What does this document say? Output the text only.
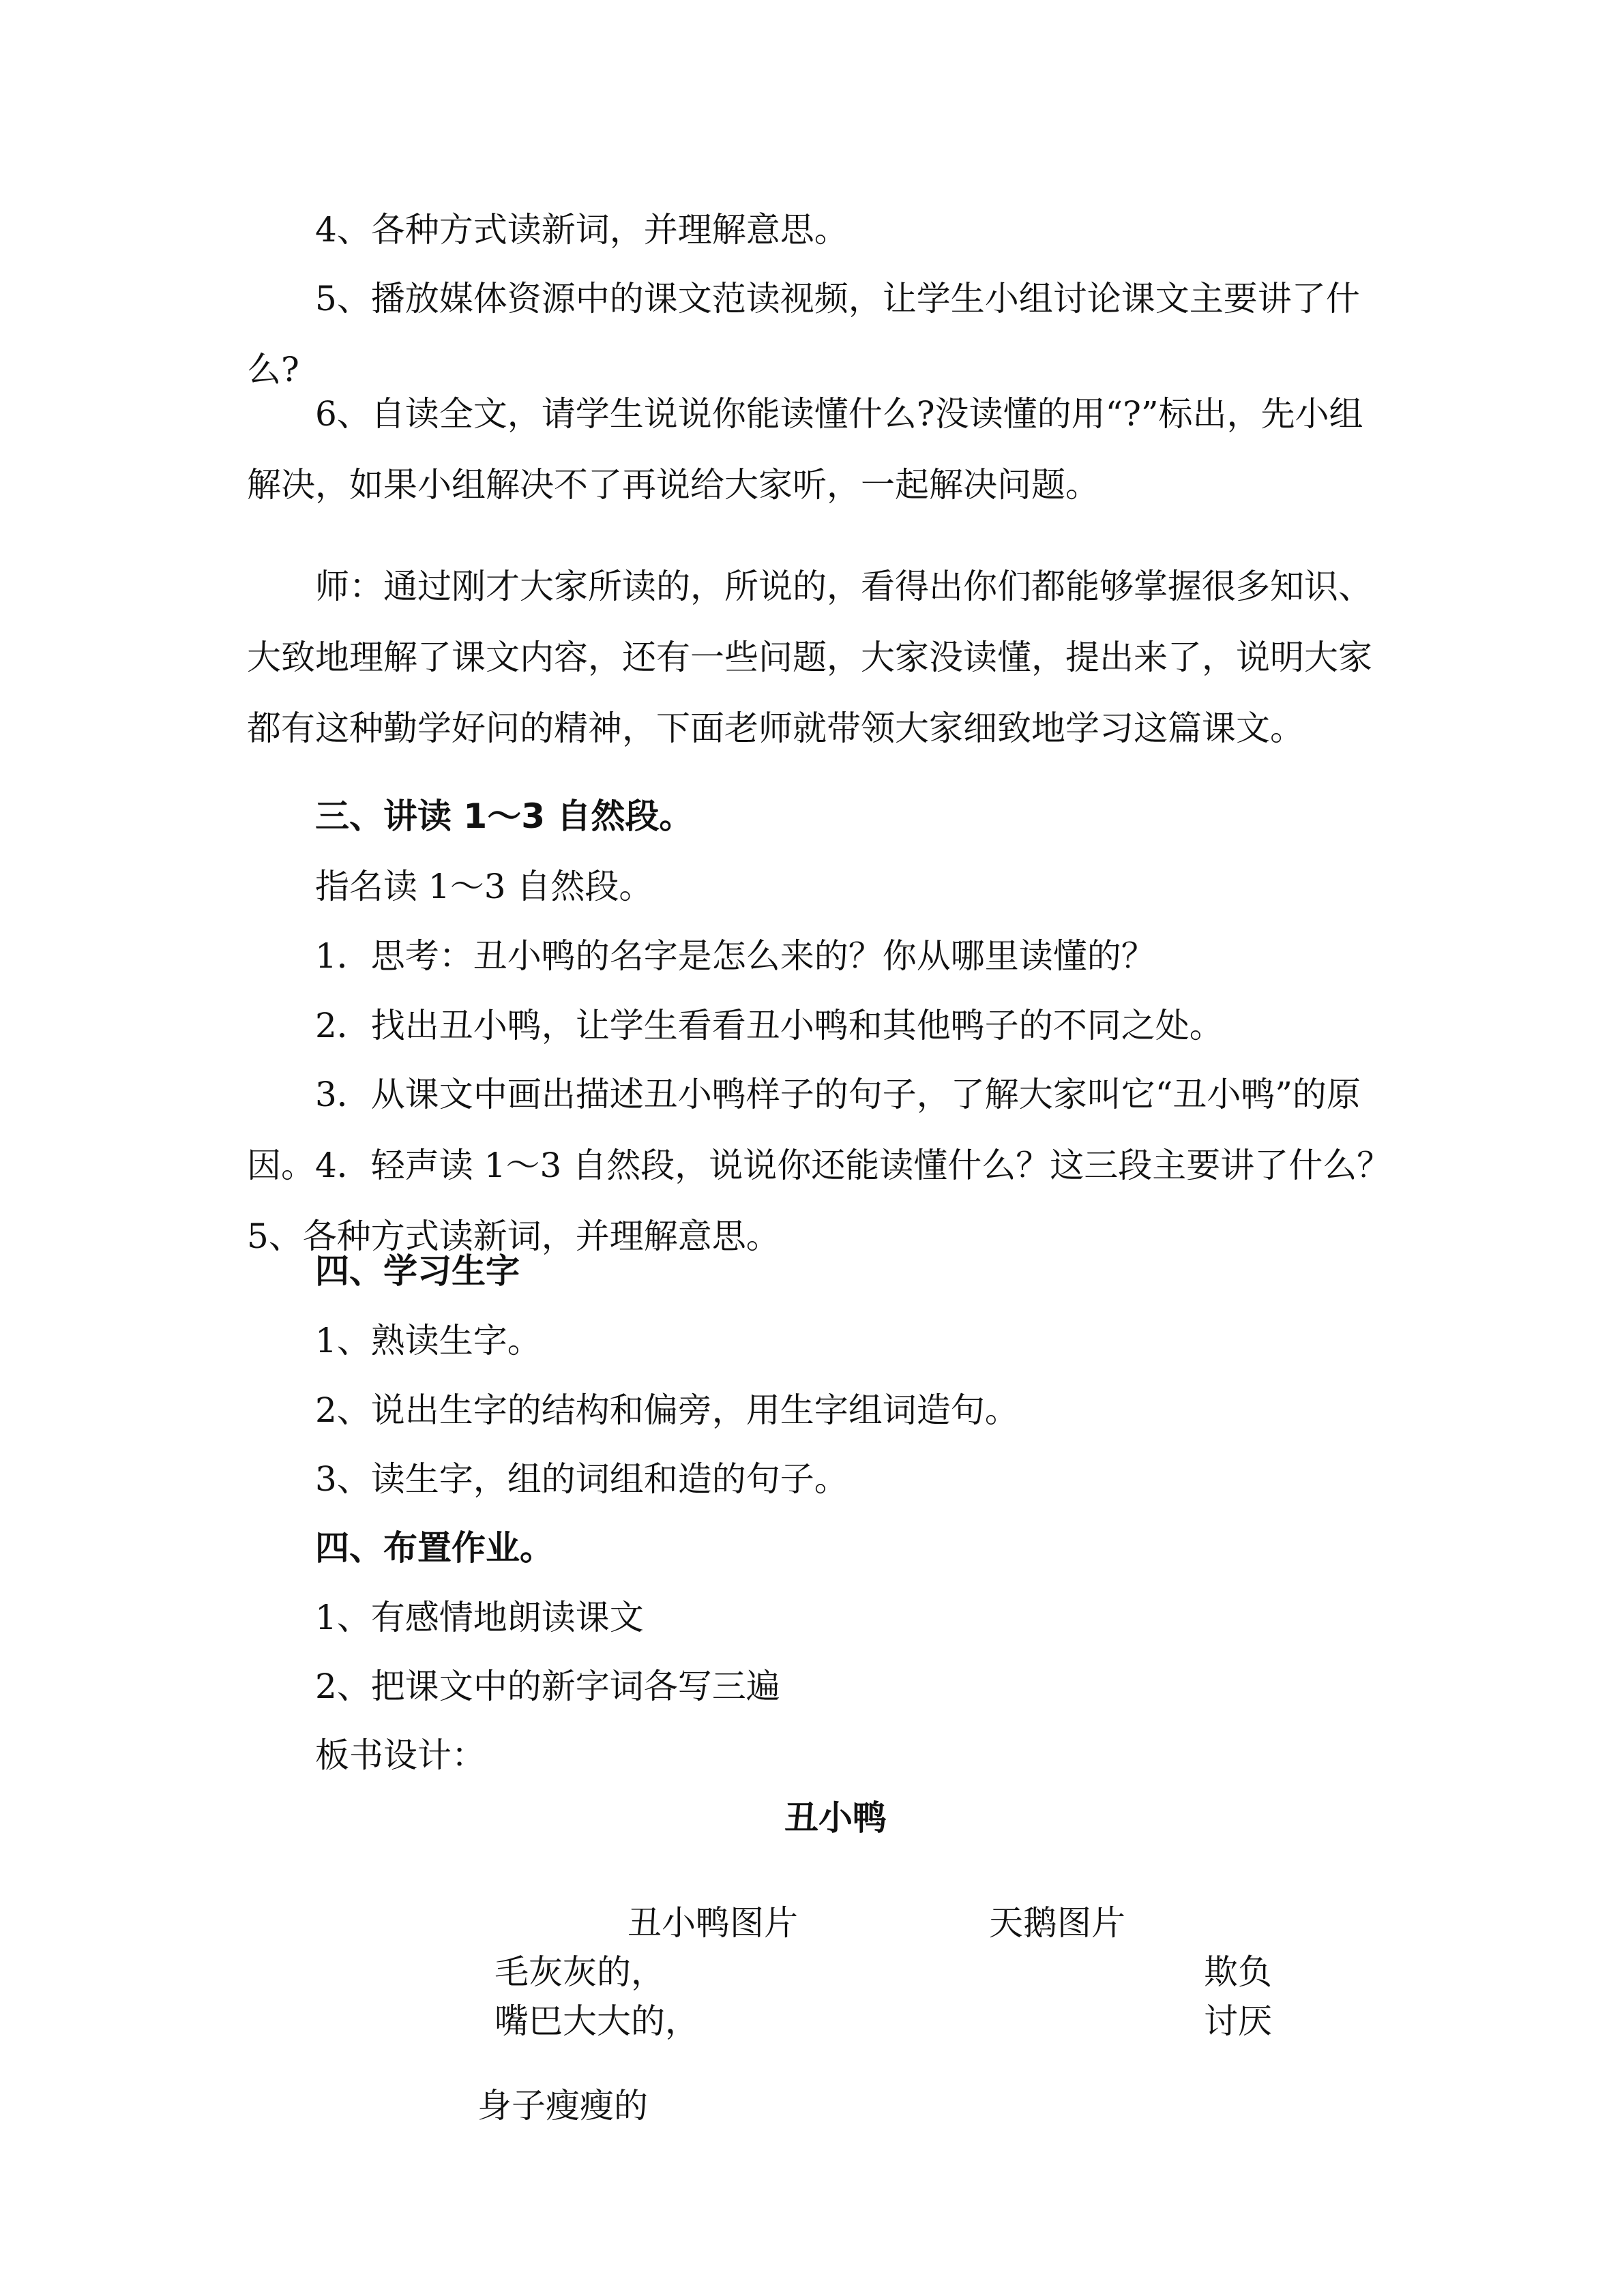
4、各种方式读新词，并理解意思。

5、播放媒体资源中的课文范读视频，让学生小组讨论课文主要讲了什么?

6、自读全文，请学生说说你能读懂什么?没读懂的用“?”标出，先小组解决，如果小组解决不了再说给大家听，一起解决问题。

师：通过刚才大家所读的，所说的，看得出你们都能够掌握很多知识、大致地理解了课文内容，还有一些问题，大家没读懂，提出来了，说明大家都有这种勤学好问的精神，下面老师就带领大家细致地学习这篇课文。

三、讲读 1～3 自然段。

指名读 1～3 自然段。

1．思考：丑小鸭的名字是怎么来的？你从哪里读懂的？

2．找出丑小鸭，让学生看看丑小鸭和其他鸭子的不同之处。

3．从课文中画出描述丑小鸭样子的句子，了解大家叫它“丑小鸭”的原因。4．轻声读 1～3 自然段，说说你还能读懂什么？这三段主要讲了什么？ 5、各种方式读新词，并理解意思。

四、学习生字

1、熟读生字。

2、说出生字的结构和偏旁，用生字组词造句。

3、读生字，组的词组和造的句子。

四、布置作业。

1、有感情地朗读课文

2、把课文中的新字词各写三遍

板书设计：

丑小鸭
丑小鸭图片	天鹅图片
毛灰灰的，
嘴巴大大的，
身子瘦瘦的
欺负
讨厌
